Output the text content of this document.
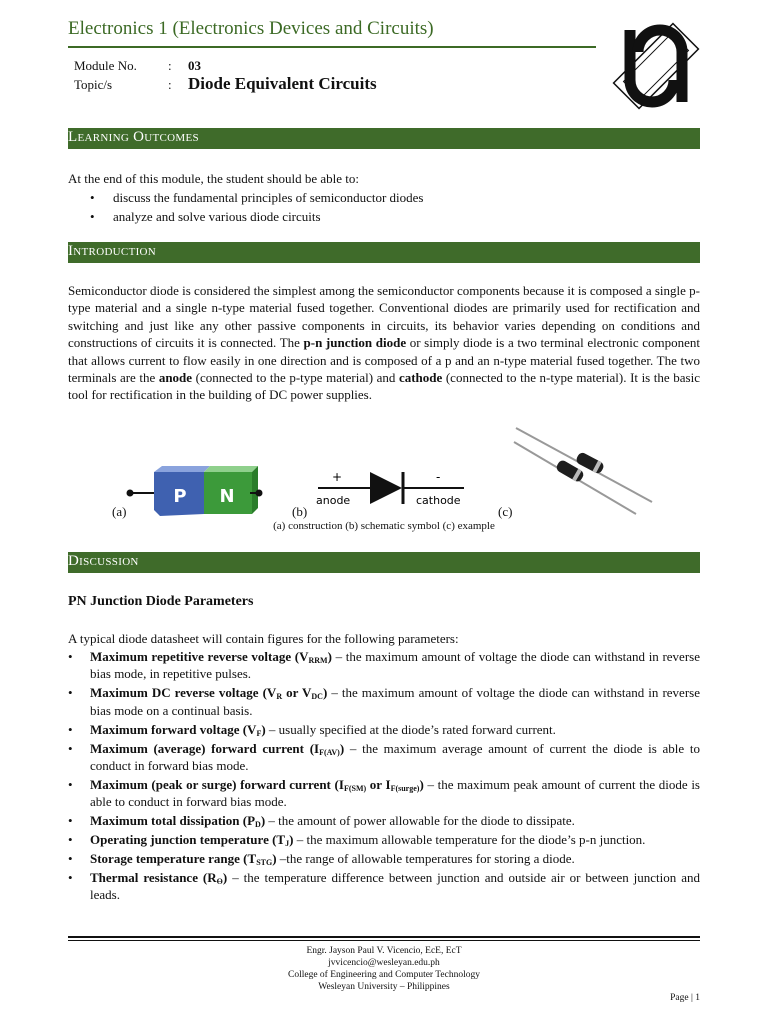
Electronics 1 (Electronics Devices and Circuits)
Module No. : 03
Topic/s	: Diode Equivalent Circuits
Learning Outcomes
At the end of this module, the student should be able to:
• discuss the fundamental principles of semiconductor diodes
• analyze and solve various diode circuits
Introduction
Semiconductor diode is considered the simplest among the semiconductor components because it is composed a single p-type material and a single n-type material fused together. Conventional diodes are primarily used for rectification and switching and just like any other passive components in circuits, its behavior varies depending on conditions and constructions of circuits it is connected. The p-n junction diode or simply diode is a two terminal electronic component that allows current to flow easily in one direction and is composed of a p and an n-type material fused together. The two terminals are the anode (connected to the p-type material) and cathode (connected to the n-type material). It is the basic tool for rectification in the building of DC power supplies.
P N
(a)
+	-
anode	cathode
(b)	(c)
(a) construction (b) schematic symbol (c) example
Discussion
PN Junction Diode Parameters
A typical diode datasheet will contain figures for the following parameters:
• Maximum repetitive reverse voltage $(V_{RRM})$ – the maximum amount of voltage the diode can withstand in reverse bias mode, in repetitive pulses.
• Maximum DC reverse voltage ($V_R$ or $V_{DC}$) – the maximum amount of voltage the diode can withstand in reverse bias mode on a continual basis.
• Maximum forward voltage $(V_F)$ – usually specified at the diode’s rated forward current.
• Maximum (average) forward current $(I_{F(AV)})$ – the maximum average amount of current the diode is able to conduct in forward bias mode.
• Maximum (peak or surge) forward current ($I_{F(SM)}$ or $I_{F(surge)}$) – the maximum peak amount of current the diode is able to conduct in forward bias mode.
• Maximum total dissipation $(P_D)$ – the amount of power allowable for the diode to dissipate.
• Operating junction temperature $(T_J)$ – the maximum allowable temperature for the diode’s p-n junction.
• Storage temperature range $(T_{STG})$ –the range of allowable temperatures for storing a diode.
• Thermal resistance $(R_Ɵ)$ – the temperature difference between junction and outside air or between junction and leads.
Engr. Jayson Paul V. Vicencio, EcE, EcT
jvvicencio@wesleyan.edu.ph
College of Engineering and Computer Technology
Wesleyan University – Philippines
Page | 1
